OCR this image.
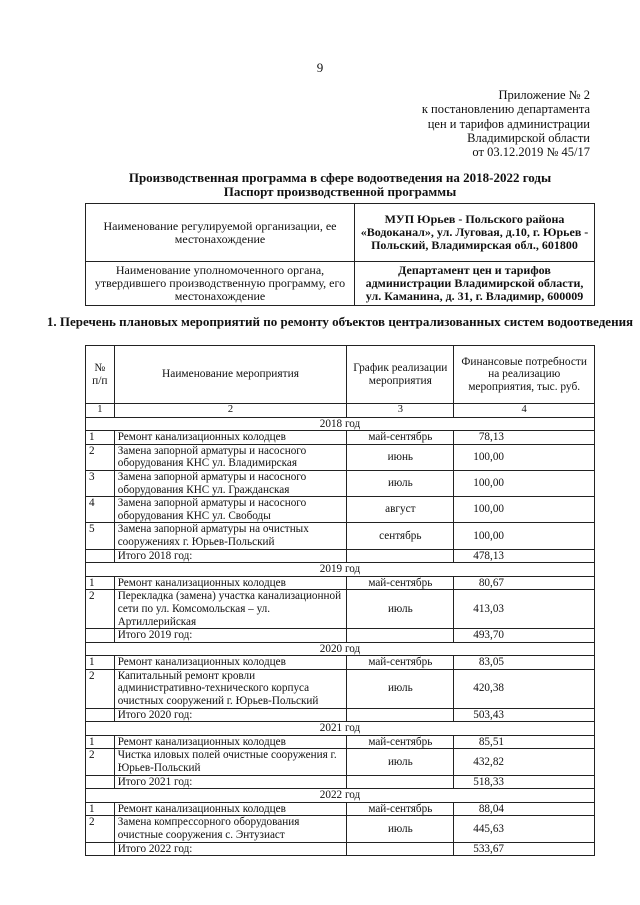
9
Приложение № 2
к постановлению департамента
цен и тарифов администрации
Владимирской области
от 03.12.2019 № 45/17
Производственная программа в сфере водоотведения на 2018-2022 годы
Паспорт производственной программы
Наименование регулируемой организации, ее местонахождение	МУП Юрьев - Польского района «Водоканал», ул. Луговая, д.10, г. Юрьев - Польский, Владимирская обл., 601800
Наименование уполномоченного органа, утвердившего производственную программу, его местонахождение	Департамент цен и тарифов администрации Владимирской области, ул. Каманина, д. 31, г. Владимир, 600009
1. Перечень плановых мероприятий по ремонту объектов централизованных систем водоотведения
№ п/п	Наименование мероприятия	График реализации мероприятия	Финансовые потребности на реализацию мероприятия, тыс. руб.
1	2	3	4
2018 год			
1	Ремонт канализационных колодцев	май-сентябрь	78,13
2	Замена запорной арматуры и насосного оборудования КНС ул. Владимирская	июнь	100,00
3	Замена запорной арматуры и насосного оборудования КНС ул. Гражданская	июль	100,00
4	Замена запорной арматуры и насосного оборудования КНС ул. Свободы	август	100,00
5	Замена запорной арматуры на очистных сооружениях г. Юрьев-Польский	сентябрь	100,00
	Итого 2018 год:		478,13
2019 год			
1	Ремонт канализационных колодцев	май-сентябрь	80,67
2	Перекладка (замена) участка канализационной сети по ул. Комсомольская – ул. Артиллерийская	июль	413,03
	Итого 2019 год:		493,70
2020 год			
1	Ремонт канализационных колодцев	май-сентябрь	83,05
2	Капитальный ремонт кровли административно-технического корпуса очистных сооружений г. Юрьев-Польский	июль	420,38
	Итого 2020 год:		503,43
2021 год			
1	Ремонт канализационных колодцев	май-сентябрь	85,51
2	Чистка иловых полей очистные сооружения г. Юрьев-Польский	июль	432,82
	Итого 2021 год:		518,33
2022 год			
1	Ремонт канализационных колодцев	май-сентябрь	88,04
2	Замена компрессорного оборудования очистные сооружения с. Энтузиаст	июль	445,63
	Итого 2022 год:		533,67
